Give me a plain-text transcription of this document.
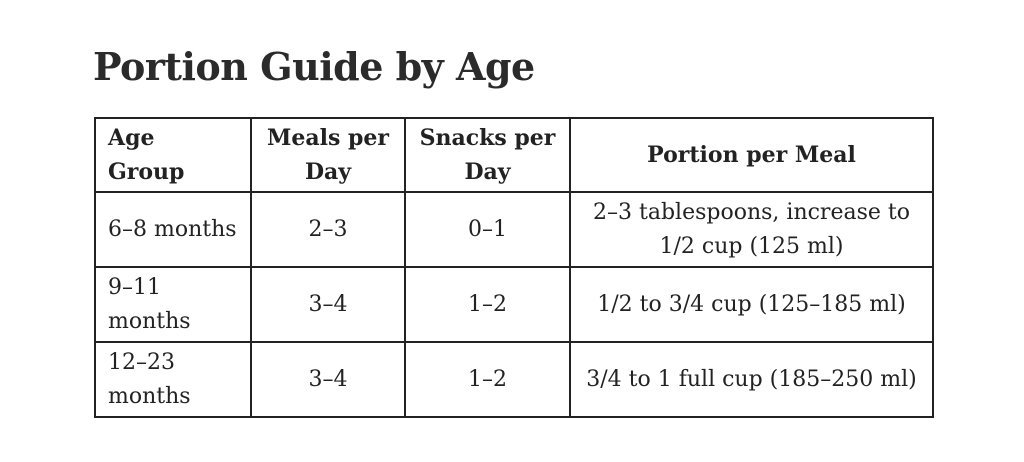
Portion Guide by Age
Age Group	Meals per Day	Snacks per Day	Portion per Meal
6–8 months	2–3	0–1	2–3 tablespoons, increase to 1/2 cup (125 ml)
9–11 months	3–4	1–2	1/2 to 3/4 cup (125–185 ml)
12–23 months	3–4	1–2	3/4 to 1 full cup (185–250 ml)
